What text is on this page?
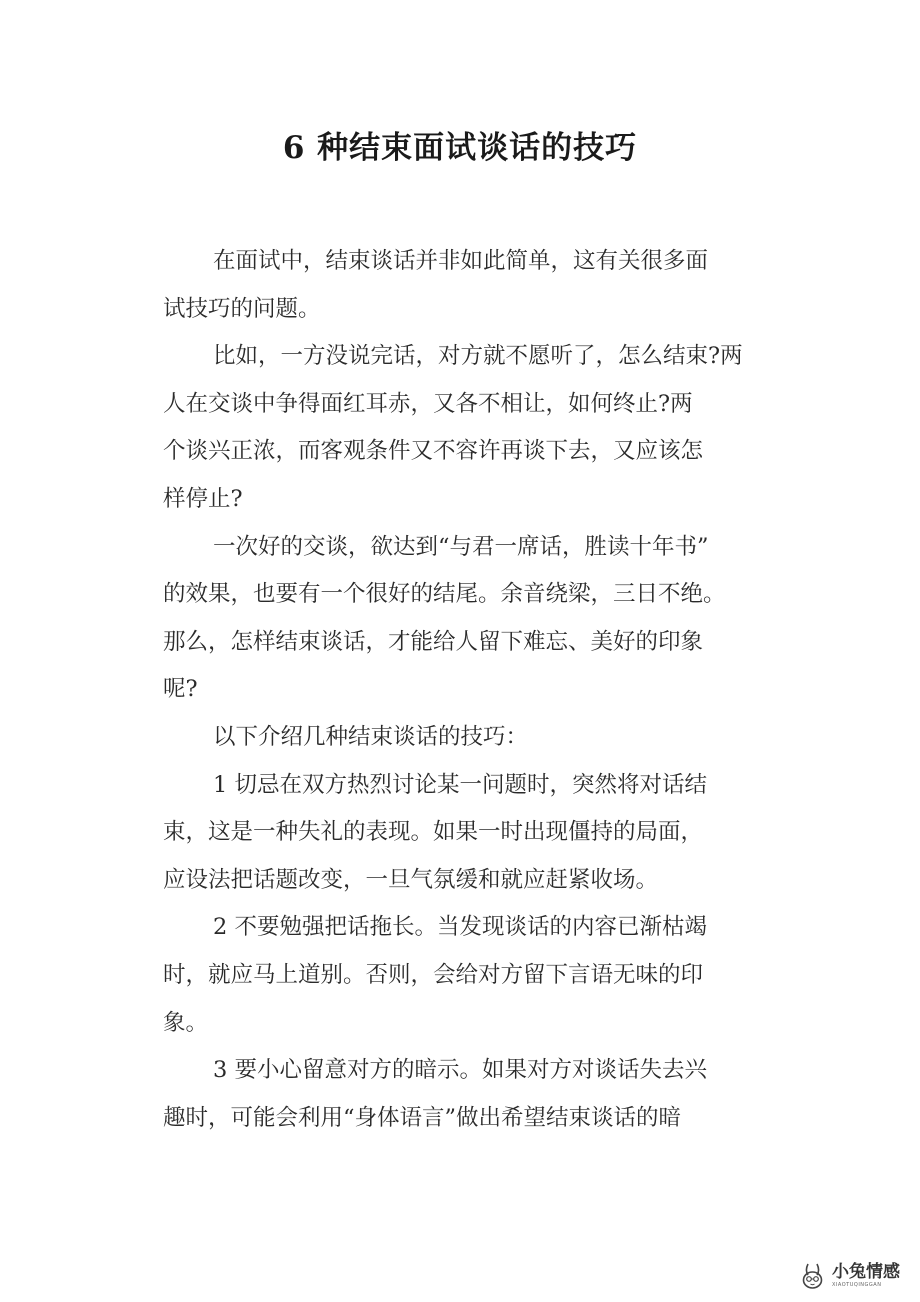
6 种结束面试谈话的技巧
在面试中，结束谈话并非如此简单，这有关很多面
试技巧的问题。
比如，一方没说完话，对方就不愿听了，怎么结束?两
人在交谈中争得面红耳赤，又各不相让，如何终止?两
个谈兴正浓，而客观条件又不容许再谈下去，又应该怎
样停止?
一次好的交谈，欲达到“与君一席话，胜读十年书”
的效果，也要有一个很好的结尾。余音绕梁，三日不绝。
那么，怎样结束谈话，才能给人留下难忘、美好的印象
呢?
以下介绍几种结束谈话的技巧：
1 切忌在双方热烈讨论某一问题时，突然将对话结
束，这是一种失礼的表现。如果一时出现僵持的局面，
应设法把话题改变，一旦气氛缓和就应赶紧收场。
2 不要勉强把话拖长。当发现谈话的内容已渐枯竭
时，就应马上道别。否则，会给对方留下言语无味的印
象。
3 要小心留意对方的暗示。如果对方对谈话失去兴
趣时，可能会利用“身体语言”做出希望结束谈话的暗
小兔情感
XIAOTUQINGGAN
